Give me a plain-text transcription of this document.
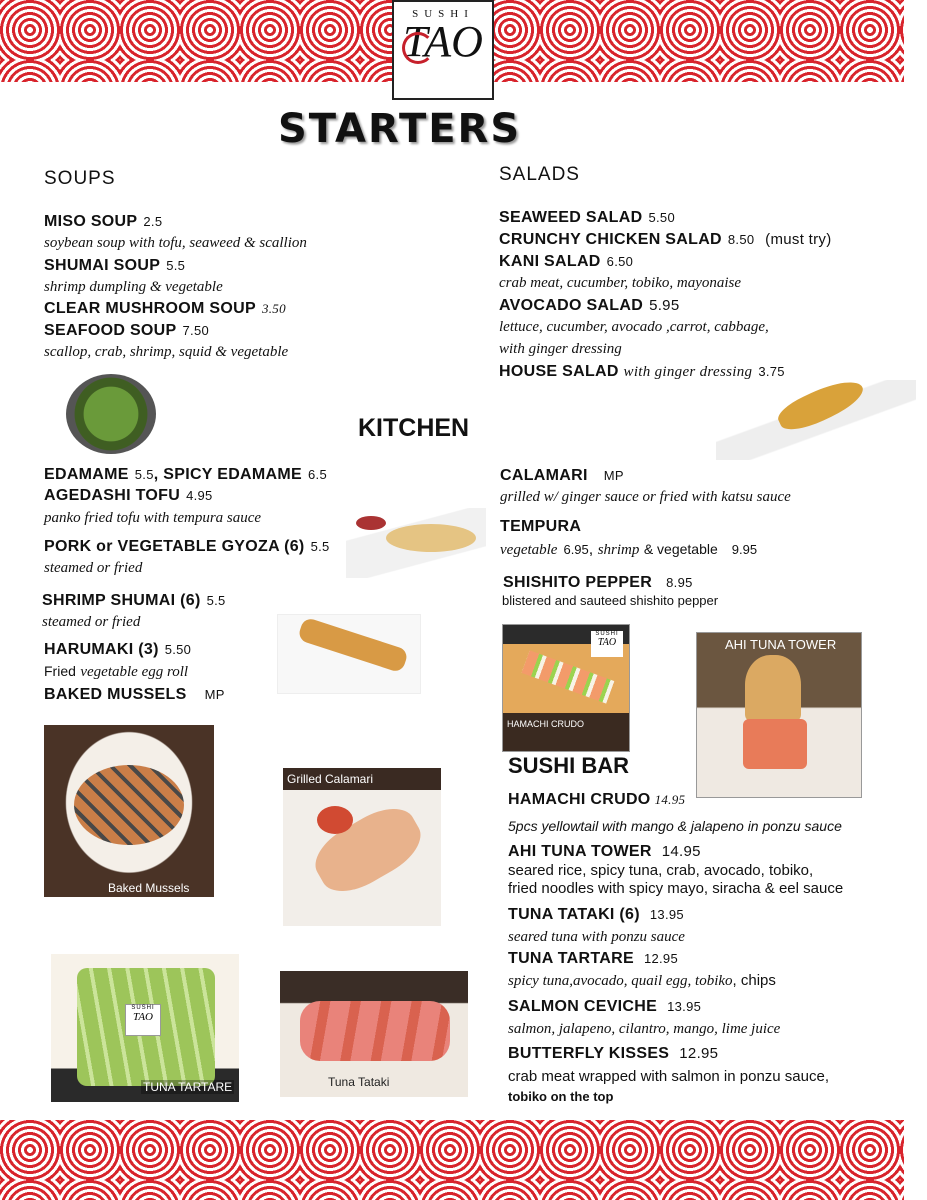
SUSHI
TAO
STARTERS
SOUPS
MISO SOUP 2.5
soybean soup with tofu, seaweed & scallion
SHUMAI SOUP 5.5
shrimp dumpling & vegetable
CLEAR MUSHROOM SOUP 3.50
SEAFOOD SOUP 7.50
scallop, crab, shrimp, squid & vegetable
SALADS
SEAWEED SALAD 5.50
CRUNCHY CHICKEN SALAD 8.50 (must try)
KANI SALAD 6.50
crab meat, cucumber, tobiko, mayonaise
AVOCADO SALAD 5.95
lettuce, cucumber, avocado ,carrot, cabbage,
with ginger dressing
HOUSE SALAD with ginger dressing 3.75
KITCHEN
EDAMAME 5.5, SPICY EDAMAME 6.5
AGEDASHI TOFU 4.95
panko fried tofu with tempura sauce
PORK or VEGETABLE GYOZA (6) 5.5
steamed or fried
SHRIMP SHUMAI (6) 5.5
steamed or fried
HARUMAKI (3) 5.50
Fried vegetable egg roll
BAKED MUSSELS MP
CALAMARI MP
grilled w/ ginger sauce or fried with katsu sauce
TEMPURA
vegetable 6.95, shrimp & vegetable 9.95
SHISHITO PEPPER 8.95
blistered and sauteed shishito pepper
SUSHI
TAO
HAMACHI CRUDO
AHI TUNA TOWER
SUSHI BAR
HAMACHI CRUDO 14.95
5pcs yellowtail with mango & jalapeno in ponzu sauce
AHI TUNA TOWER 14.95
seared rice, spicy tuna, crab, avocado, tobiko,
fried noodles with spicy mayo, siracha & eel sauce
TUNA TATAKI (6) 13.95
seared tuna with ponzu sauce
TUNA TARTARE 12.95
spicy tuna,avocado, quail egg, tobiko, chips
SALMON CEVICHE 13.95
salmon, jalapeno, cilantro, mango, lime juice
BUTTERFLY KISSES 12.95
crab meat wrapped with salmon in ponzu sauce,
tobiko on the top
Baked Mussels
Grilled Calamari
SUSHI
TAO
TUNA TARTARE	Tuna Tataki
